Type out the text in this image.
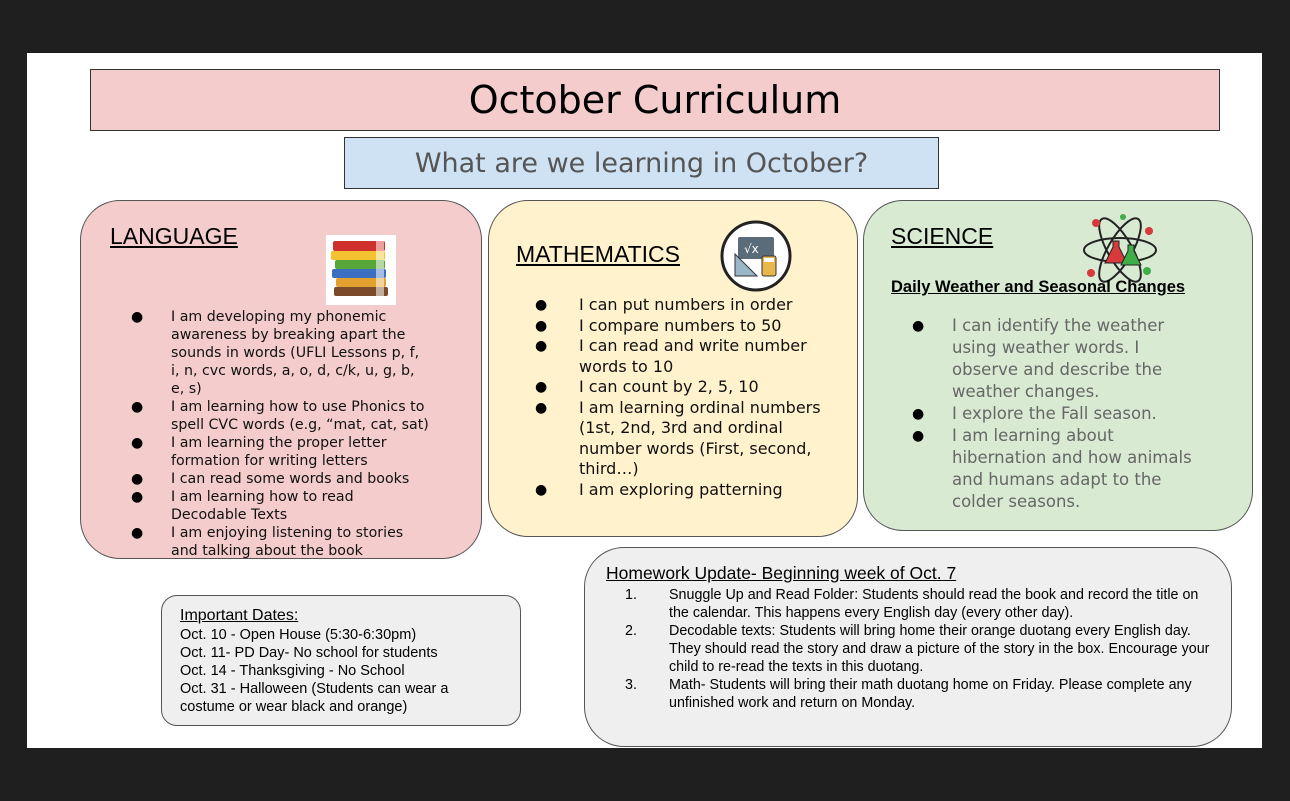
October Curriculum
What are we learning in October?
LANGUAGE
● I am developing my phonemic awareness by breaking apart the sounds in words (UFLI Lessons p, f, i, n, cvc words, a, o, d, c/k, u, g, b, e, s)
● I am learning how to use Phonics to spell CVC words (e.g, “mat, cat, sat)
● I am learning the proper letter formation for writing letters
● I can read some words and books
● I am learning how to read Decodable Texts
● I am enjoying listening to stories and talking about the book
MATHEMATICS	√x
● I can put numbers in order
● I compare numbers to 50
● I can read and write number words to 10
● I can count by 2, 5, 10
● I am learning ordinal numbers (1st, 2nd, 3rd and ordinal number words (First, second, third…)
● I am exploring patterning
SCIENCE
Daily Weather and Seasonal Changes
● I can identify the weather using weather words. I observe and describe the weather changes.
● I explore the Fall season.
● I am learning about hibernation and how animals and humans adapt to the colder seasons.
Important Dates:
Oct. 10 - Open House (5:30-6:30pm)
Oct. 11- PD Day- No school for students
Oct. 14 - Thanksgiving - No School
Oct. 31 - Halloween (Students can wear a costume or wear black and orange)
Homework Update- Beginning week of Oct. 7
1. Snuggle Up and Read Folder: Students should read the book and record the title on the calendar. This happens every English day (every other day).
2. Decodable texts: Students will bring home their orange duotang every English day. They should read the story and draw a picture of the story in the box. Encourage your child to re-read the texts in this duotang.
3. Math- Students will bring their math duotang home on Friday. Please complete any unfinished work and return on Monday.
